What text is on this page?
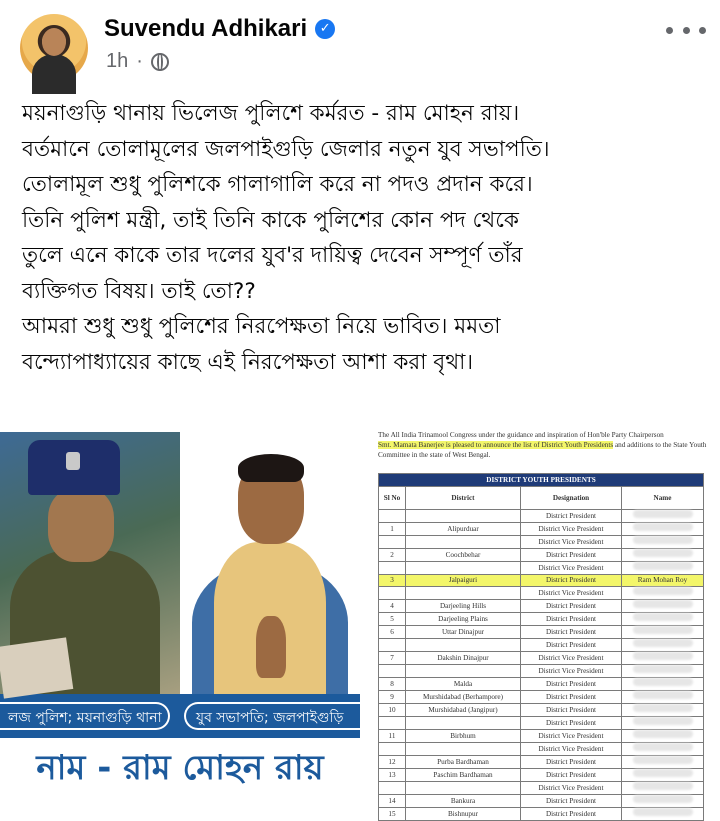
Suvendu Adhikari ✓
1h ·

ময়নাগুড়ি থানায় ভিলেজ পুলিশে কর্মরত - রাম মোহন রায়।

বর্তমানে তোলামূলের জলপাইগুড়ি জেলার নতুন যুব সভাপতি।

তোলামূল শুধু পুলিশকে গালাগালি করে না পদও প্রদান করে।

তিনি পুলিশ মন্ত্রী, তাই তিনি কাকে পুলিশের কোন পদ থেকে

তুলে এনে কাকে তার দলের যুব'র দায়িত্ব দেবেন সম্পূর্ণ তাঁর

ব্যক্তিগত বিষয়। তাই তো??

আমরা শুধু শুধু পুলিশের নিরপেক্ষতা নিয়ে ভাবিত। মমতা

বন্দ্যোপাধ্যায়ের কাছে এই নিরপেক্ষতা আশা করা বৃথা।

লজ পুলিশ; ময়নাগুড়ি থানা	যুব সভাপতি; জলপাইগুড়ি
নাম - রাম মোহন রায়
The All India Trinamool Congress under the guidance and inspiration of Hon'ble Party Chairperson
Smt. Mamata Banerjee is pleased to announce the list of District Youth Presidents and additions to the State Youth Committee in the state of West Bengal.
DISTRICT YOUTH PRESIDENTS			
Sl No	District	Designation	Name
		District President	
1	Alipurduar	District Vice President	
		District Vice President	
2	Coochbehar	District President	
		District Vice President	
3	Jalpaiguri	District President	Ram Mohan Roy
		District Vice President	
4	Darjeeling Hills	District President	
5	Darjeeling Plains	District President	
6	Uttar Dinajpur	District President	
		District President	
7	Dakshin Dinajpur	District Vice President	
		District Vice President	
8	Malda	District President	
9	Murshidabad (Berhampore)	District President	
10	Murshidabad (Jangipur)	District President	
		District President	
11	Birbhum	District Vice President	
		District Vice President	
12	Purba Bardhaman	District President	
13	Paschim Bardhaman	District President	
		District Vice President	
14	Bankura	District President	
15	Bishnupur	District President	
